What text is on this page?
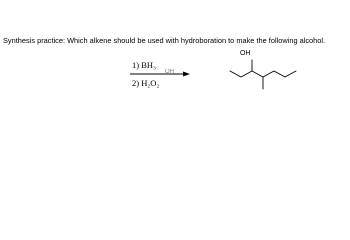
Synthesis practice: Which alkene should be used with hydroboration to make the following alcohol.
1) BH₃
2) H₂O₂
OH
OH
